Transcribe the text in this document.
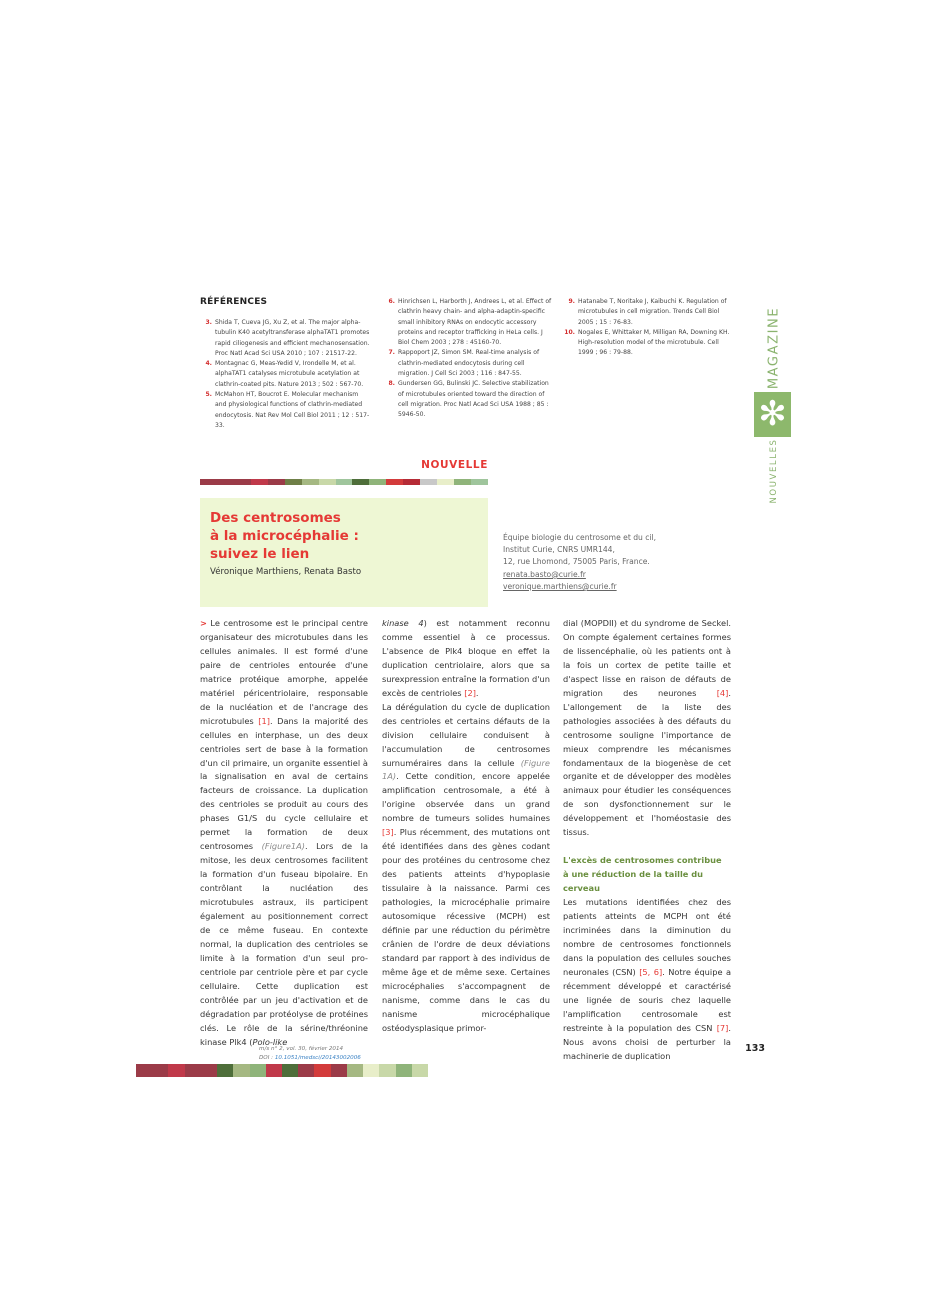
RÉFÉRENCES
3. Shida T, Cueva JG, Xu Z, et al. The major alpha-tubulin K40 acetyltransferase alphaTAT1 promotes rapid ciliogenesis and efficient mechanosensation. Proc Natl Acad Sci USA 2010 ; 107 : 21517-22.
4. Montagnac G, Meas-Yedid V, Irondelle M, et al. alphaTAT1 catalyses microtubule acetylation at clathrin-coated pits. Nature 2013 ; 502 : 567-70.
5. McMahon HT, Boucrot E. Molecular mechanism and physiological functions of clathrin-mediated endocytosis. Nat Rev Mol Cell Biol 2011 ; 12 : 517-33.
6. Hinrichsen L, Harborth J, Andrees L, et al. Effect of clathrin heavy chain- and alpha-adaptin-specific small inhibitory RNAs on endocytic accessory proteins and receptor trafficking in HeLa cells. J Biol Chem 2003 ; 278 : 45160-70.
7. Rappoport JZ, Simon SM. Real-time analysis of clathrin-mediated endocytosis during cell migration. J Cell Sci 2003 ; 116 : 847-55.
8. Gundersen GG, Bulinski JC. Selective stabilization of microtubules oriented toward the direction of cell migration. Proc Natl Acad Sci USA 1988 ; 85 : 5946-50.
9. Hatanabe T, Noritake J, Kaibuchi K. Regulation of microtubules in cell migration. Trends Cell Biol 2005 ; 15 : 76-83.
10. Nogales E, Whittaker M, Milligan RA, Downing KH. High-resolution model of the microtubule. Cell 1999 ; 96 : 79-88.	MAGAZINE
✻
NOUVELLES
NOUVELLE
Des centrosomes
à la microcéphalie :
suivez le lien
Véronique Marthiens, Renata Basto
Équipe biologie du centrosome et du cil,
Institut Curie, CNRS UMR144,
12, rue Lhomond, 75005 Paris, France.
renata.basto@curie.fr
veronique.marthiens@curie.fr

> Le centrosome est le principal centre organisateur des microtubules dans les cellules animales. Il est formé d'une paire de centrioles entourée d'une matrice protéique amorphe, appelée matériel péricentriolaire, responsable de la nucléation et de l'ancrage des microtubules [1]. Dans la majorité des cellules en interphase, un des deux centrioles sert de base à la formation d'un cil primaire, un organite essentiel à la signalisation en aval de certains facteurs de croissance. La duplication des centrioles se produit au cours des phases G1/S du cycle cellulaire et permet la formation de deux centrosomes (Figure1A). Lors de la mitose, les deux centrosomes facilitent la formation d'un fuseau bipolaire. En contrôlant la nucléation des microtubules astraux, ils participent également au positionnement correct de ce même fuseau. En contexte normal, la duplication des centrioles se limite à la formation d'un seul pro-centriole par centriole père et par cycle cellulaire. Cette duplication est contrôlée par un jeu d'activation et de dégradation par protéolyse de protéines clés. Le rôle de la sérine/thréonine kinase Plk4 (Polo-like

kinase 4) est notamment reconnu comme essentiel à ce processus. L'absence de Plk4 bloque en effet la duplication centriolaire, alors que sa surexpression entraîne la formation d'un excès de centrioles [2].

La dérégulation du cycle de duplication des centrioles et certains défauts de la division cellulaire conduisent à l'accumulation de centrosomes surnuméraires dans la cellule (Figure 1A). Cette condition, encore appelée amplification centrosomale, a été à l'origine observée dans un grand nombre de tumeurs solides humaines [3]. Plus récemment, des mutations ont été identifiées dans des gènes codant pour des protéines du centrosome chez des patients atteints d'hypoplasie tissulaire à la naissance. Parmi ces pathologies, la microcéphalie primaire autosomique récessive (MCPH) est définie par une réduction du périmètre crânien de l'ordre de deux déviations standard par rapport à des individus de même âge et de même sexe. Certaines microcéphalies s'accompagnent de nanisme, comme dans le cas du nanisme microcéphalique ostéodysplasique primor-

dial (MOPDII) et du syndrome de Seckel. On compte également certaines formes de lissencéphalie, où les patients ont à la fois un cortex de petite taille et d'aspect lisse en raison de défauts de migration des neurones [4]. L'allongement de la liste des pathologies associées à des défauts du centrosome souligne l'importance de mieux comprendre les mécanismes fondamentaux de la biogenèse de cet organite et de développer des modèles animaux pour étudier les conséquences de son dysfonctionnement sur le développement et l'homéostasie des tissus.

L'excès de centrosomes contribue
à une réduction de la taille du cerveau

Les mutations identifiées chez des patients atteints de MCPH ont été incriminées dans la diminution du nombre de centrosomes fonctionnels dans la population des cellules souches neuronales (CSN) [5, 6]. Notre équipe a récemment développé et caractérisé une lignée de souris chez laquelle l'amplification centrosomale est restreinte à la population des CSN [7]. Nous avons choisi de perturber la machinerie de duplication

m/s n° 2, vol. 30, février 2014
DOI : 10.1051/medsci/20143002006
133
